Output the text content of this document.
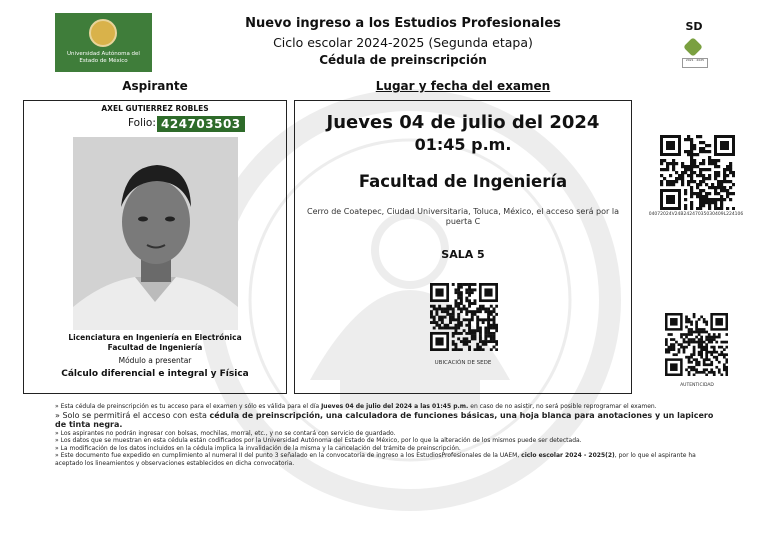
Universidad Autónoma del Estado de México
Nuevo ingreso a los Estudios Profesionales
Ciclo escolar 2024-2025 (Segunda etapa)
Cédula de preinscripción
SD
2021 · 2025
Aspirante	Lugar y fecha del examen
AXEL GUTIERREZ ROBLES
Folio: 424703503
Licenciatura en Ingeniería en Electrónica
Facultad de Ingeniería
Módulo a presentar
Cálculo diferencial e integral y Física
Jueves 04 de julio del 2024
01:45 p.m.
Facultad de Ingeniería
Cerro de Coatepec, Ciudad Universitaria, Toluca, México, el acceso será por la puerta C
SALA 5
UBICACIÓN DE SEDE
04072024V24B24247035030409L224106
AUTENTICIDAD
» Esta cédula de preinscripción es tu acceso para el examen y sólo es válida para el día Jueves 04 de julio del 2024 a las 01:45 p.m. en caso de no asistir, no será posible reprogramar el examen.
» Solo se permitirá el acceso con esta cédula de preinscripción, una calculadora de funciones básicas, una hoja blanca para anotaciones y un lapicero de tinta negra.
» Los aspirantes no podrán ingresar con bolsas, mochilas, morral, etc., y no se contará con servicio de guardado.
» Los datos que se muestran en esta cédula están codificados por la Universidad Autónoma del Estado de México, por lo que la alteración de los mismos puede ser detectada.
» La modificación de los datos incluidos en la cédula implica la invalidación de la misma y la cancelación del trámite de preinscripción.
» Este documento fue expedido en cumplimiento al numeral II del punto 3 señalado en la convocatoria de ingreso a los EstudiosProfesionales de la UAEM, ciclo escolar 2024 - 2025(2), por lo que el aspirante ha aceptado los lineamientos y observaciones establecidos en dicha convocatoria.
